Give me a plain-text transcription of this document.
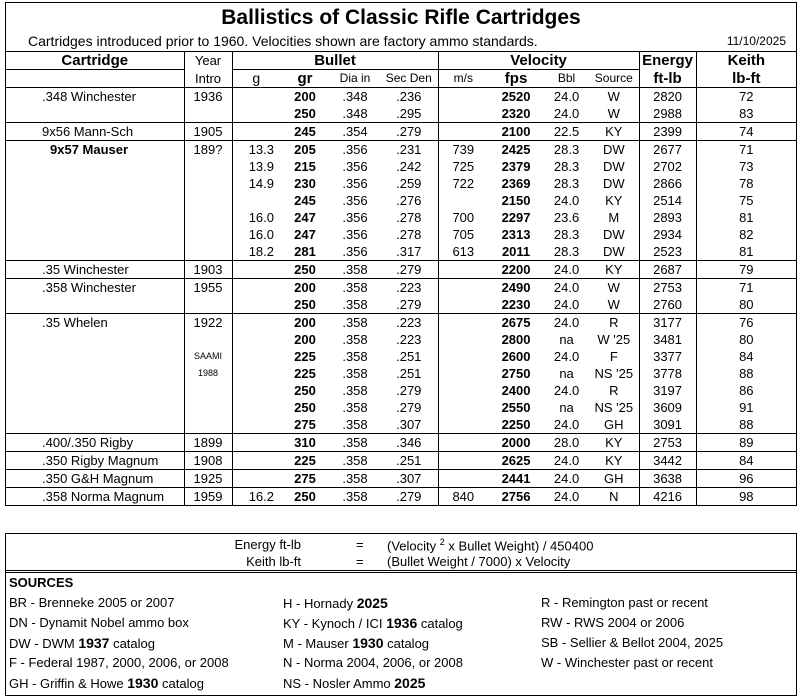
Ballistics of Classic Rifle Cartridges
Cartridges introduced prior to 1960. Velocities shown are factory ammo standards.	11/10/2025
Cartridge	Year	Bullet				Velocity				Energy	Keith
	Intro	g	gr	Dia in	Sec Den	m/s	fps	Bbl	Source	ft-lb	lb-ft
.348 Winchester	1936		200	.348	.236		2520	24.0	W	2820	72
			250	.348	.295		2320	24.0	W	2988	83
9x56 Mann-Sch	1905		245	.354	.279		2100	22.5	KY	2399	74
9x57 Mauser	189?	13.3	205	.356	.231	739	2425	28.3	DW	2677	71
		13.9	215	.356	.242	725	2379	28.3	DW	2702	73
		14.9	230	.356	.259	722	2369	28.3	DW	2866	78
			245	.356	.276		2150	24.0	KY	2514	75
		16.0	247	.356	.278	700	2297	23.6	M	2893	81
		16.0	247	.356	.278	705	2313	28.3	DW	2934	82
		18.2	281	.356	.317	613	2011	28.3	DW	2523	81
.35 Winchester	1903		250	.358	.279		2200	24.0	KY	2687	79
.358 Winchester	1955		200	.358	.223		2490	24.0	W	2753	71
			250	.358	.279		2230	24.0	W	2760	80
.35 Whelen	1922		200	.358	.223		2675	24.0	R	3177	76
			200	.358	.223		2800	na	W '25	3481	80
	SAAMI		225	.358	.251		2600	24.0	F	3377	84
	1988		225	.358	.251		2750	na	NS '25	3778	88
			250	.358	.279		2400	24.0	R	3197	86
			250	.358	.279		2550	na	NS '25	3609	91
			275	.358	.307		2250	24.0	GH	3091	88
.400/.350 Rigby	1899		310	.358	.346		2000	28.0	KY	2753	89
.350 Rigby Magnum	1908		225	.358	.251		2625	24.0	KY	3442	84
.350 G&H Magnum	1925		275	.358	.307		2441	24.0	GH	3638	96
.358 Norma Magnum	1959	16.2	250	.358	.279	840	2756	24.0	N	4216	98
Energy ft-lb	= (Velocity $^2$ x Bullet Weight) / 450400
Keith lb-ft	= (Bullet Weight / 7000) x Velocity
SOURCES
BR - Brenneke 2005 or 2007
DN - Dynamit Nobel ammo box
DW - DWM 1937 catalog
F - Federal 1987, 2000, 2006, or 2008
GH - Griffin & Howe 1930 catalog
H - Hornady 2025
KY - Kynoch / ICI 1936 catalog
M - Mauser 1930 catalog
N - Norma 2004, 2006, or 2008
NS - Nosler Ammo 2025
R - Remington past or recent
RW - RWS 2004 or 2006
SB - Sellier & Bellot 2004, 2025
W - Winchester past or recent
